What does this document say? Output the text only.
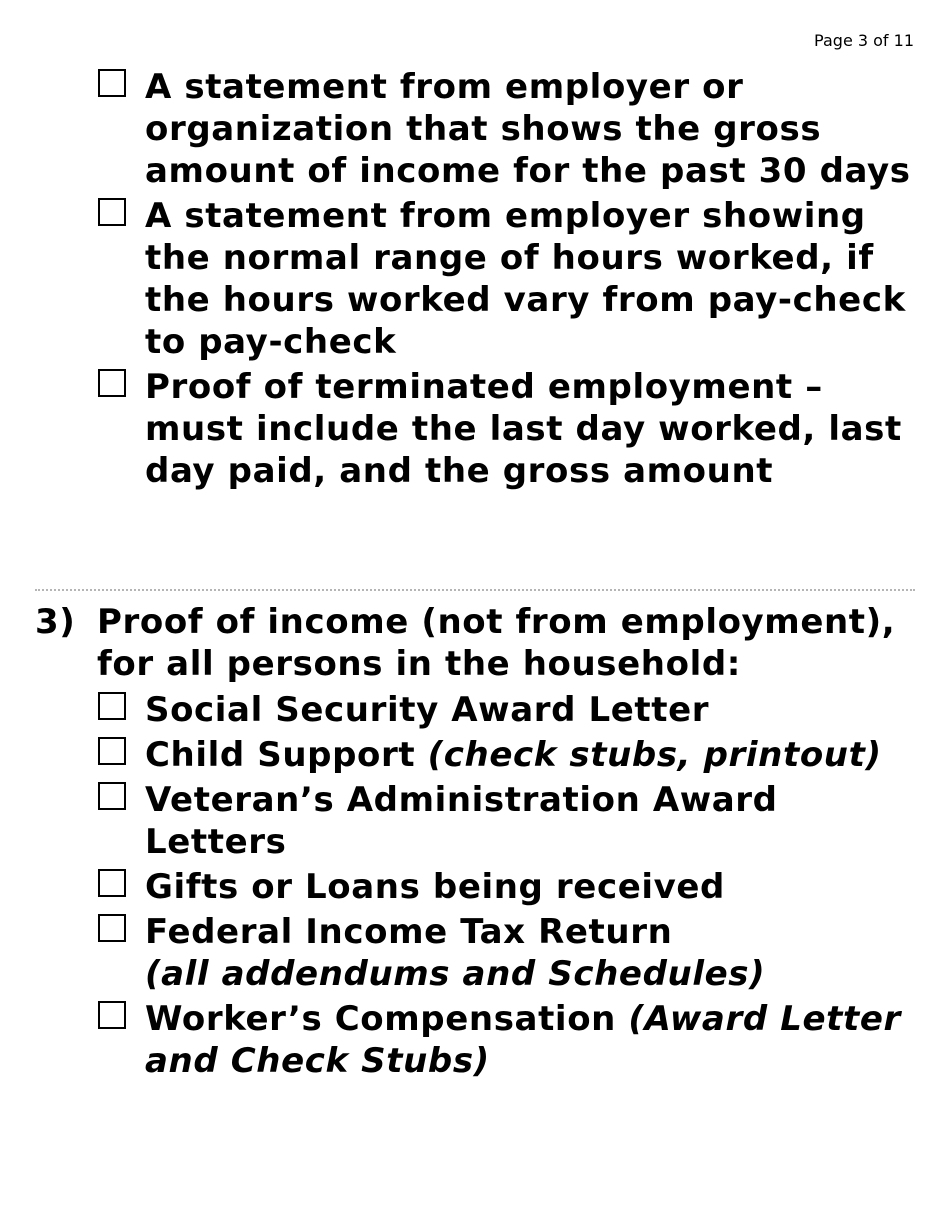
Page 3 of 11
A statement from employer or organization that shows the gross amount of income for the past 30 days
A statement from employer showing the normal range of hours worked, if the hours worked vary from pay-check to pay-check
Proof of terminated employment – must include the last day worked, last day paid, and the gross amount
3) Proof of income (not from employment), for all persons in the household:
Social Security Award Letter
Child Support (check stubs, printout)
Veteran’s Administration Award Letters
Gifts or Loans being received
Federal Income Tax Return
(all addendums and Schedules)
Worker’s Compensation (Award Letter and Check Stubs)
